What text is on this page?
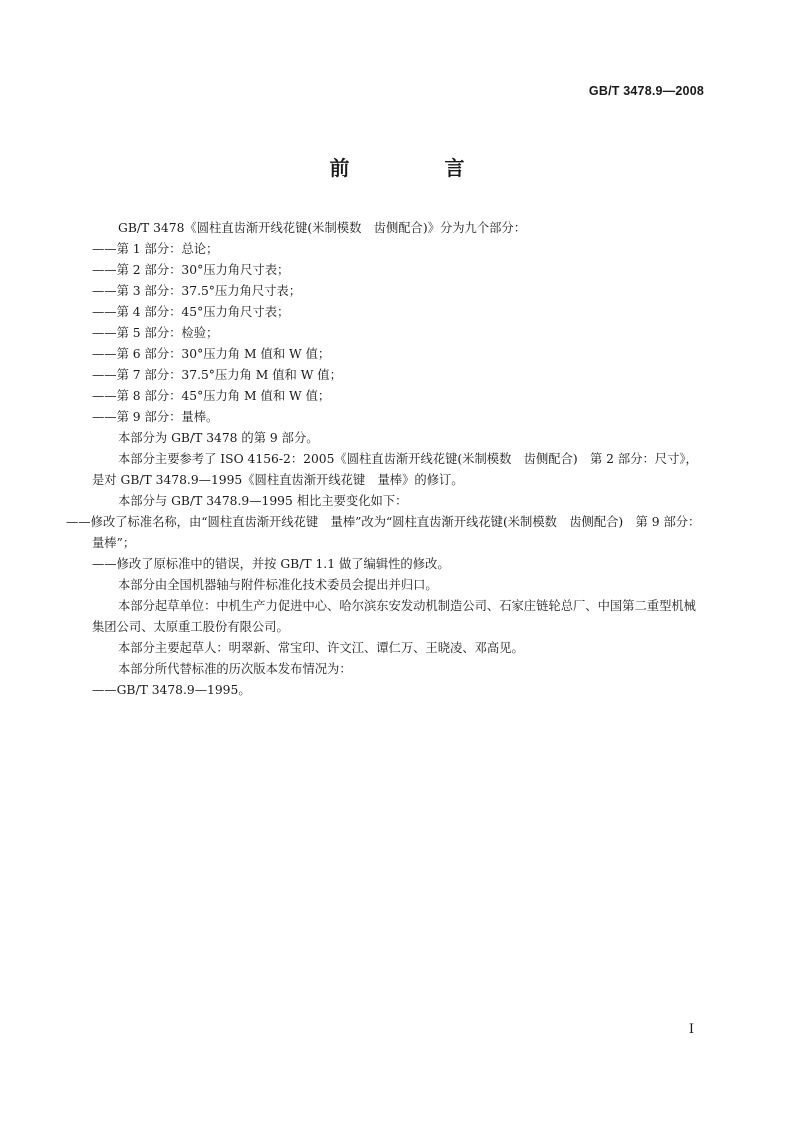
GB/T 3478.9—2008
前 言

GB/T 3478《圆柱直齿渐开线花键(米制模数　齿侧配合)》分为九个部分：

——第 1 部分：总论；

——第 2 部分：30°压力角尺寸表；

——第 3 部分：37.5°压力角尺寸表；

——第 4 部分：45°压力角尺寸表；

——第 5 部分：检验；

——第 6 部分：30°压力角 M 值和 W 值；

——第 7 部分：37.5°压力角 M 值和 W 值；

——第 8 部分：45°压力角 M 值和 W 值；

——第 9 部分：量棒。

本部分为 GB/T 3478 的第 9 部分。

本部分主要参考了 ISO 4156-2：2005《圆柱直齿渐开线花键(米制模数　齿侧配合)　第 2 部分：尺寸》，是对 GB/T 3478.9—1995《圆柱直齿渐开线花键　量棒》的修订。

本部分与 GB/T 3478.9—1995 相比主要变化如下：

——修改了标准名称，由“圆柱直齿渐开线花键　量棒”改为“圆柱直齿渐开线花键(米制模数　齿侧配合)　第 9 部分：量棒”；

——修改了原标准中的错误，并按 GB/T 1.1 做了编辑性的修改。

本部分由全国机器轴与附件标准化技术委员会提出并归口。

本部分起草单位：中机生产力促进中心、哈尔滨东安发动机制造公司、石家庄链轮总厂、中国第二重型机械集团公司、太原重工股份有限公司。

本部分主要起草人：明翠新、常宝印、许文江、谭仁万、王晓凌、邓高见。

本部分所代替标准的历次版本发布情况为：

——GB/T 3478.9—1995。

I
